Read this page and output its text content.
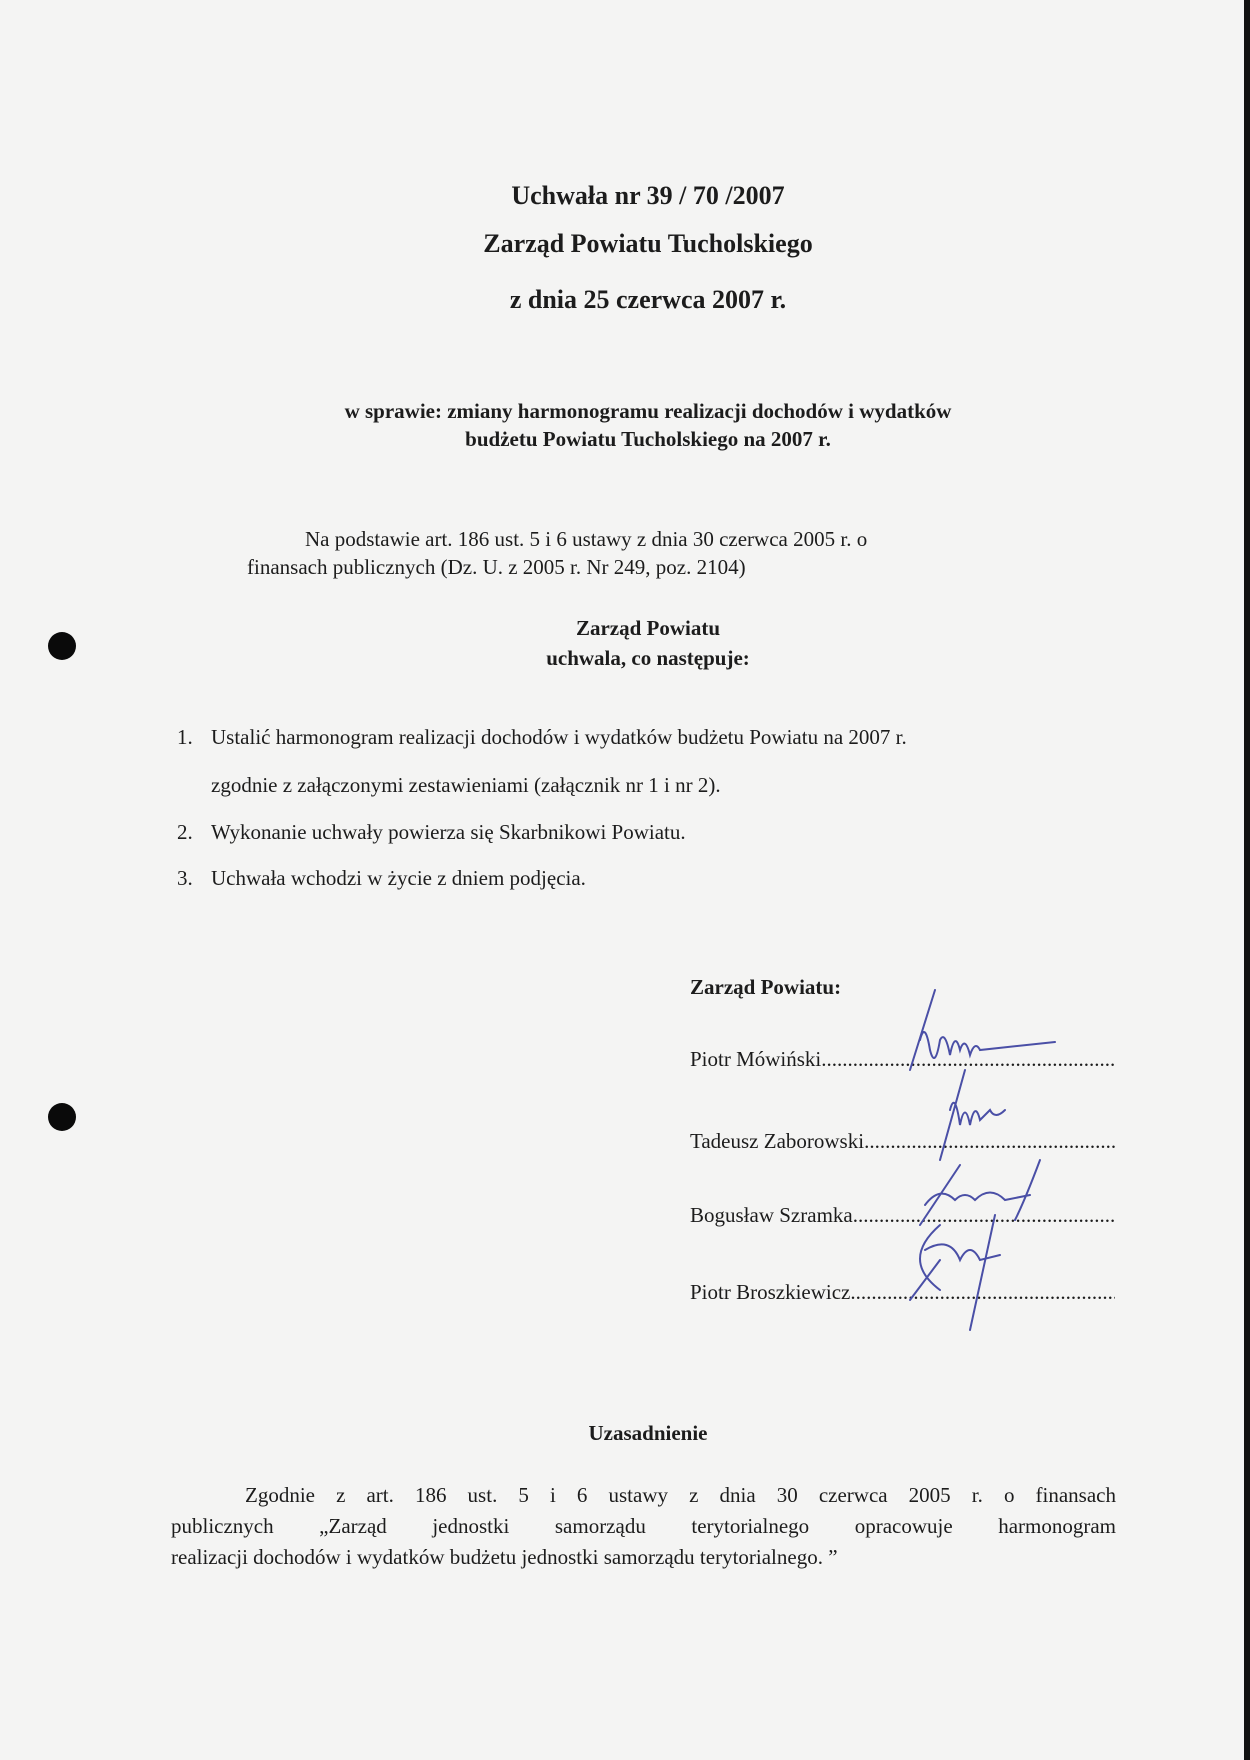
Uchwała nr 39 / 70 /2007
Zarząd Powiatu Tucholskiego
z dnia 25 czerwca 2007 r.
w sprawie: zmiany harmonogramu realizacji dochodów i wydatków
budżetu Powiatu Tucholskiego na 2007 r.
Na podstawie art. 186 ust. 5 i 6 ustawy z dnia 30 czerwca 2005 r. o
finansach publicznych (Dz. U. z 2005 r. Nr 249, poz. 2104)
Zarząd Powiatu
uchwala, co następuje:
1. Ustalić harmonogram realizacji dochodów i wydatków budżetu Powiatu na 2007 r.
zgodnie z załączonymi zestawieniami (załącznik nr 1 i nr 2).
2. Wykonanie uchwały powierza się Skarbnikowi Powiatu.
3. Uchwała wchodzi w życie z dniem podjęcia.
Zarząd Powiatu:
Piotr Mówiński .....
Tadeusz Zaborowski .....
Bogusław Szramka .....
Piotr Broszkiewicz .....
Uzasadnienie
Zgodnie z art. 186 ust. 5 i 6 ustawy z dnia 30 czerwca 2005 r. o finansach
publicznych „Zarząd jednostki samorządu terytorialnego opracowuje harmonogram
realizacji dochodów i wydatków budżetu jednostki samorządu terytorialnego. ”
